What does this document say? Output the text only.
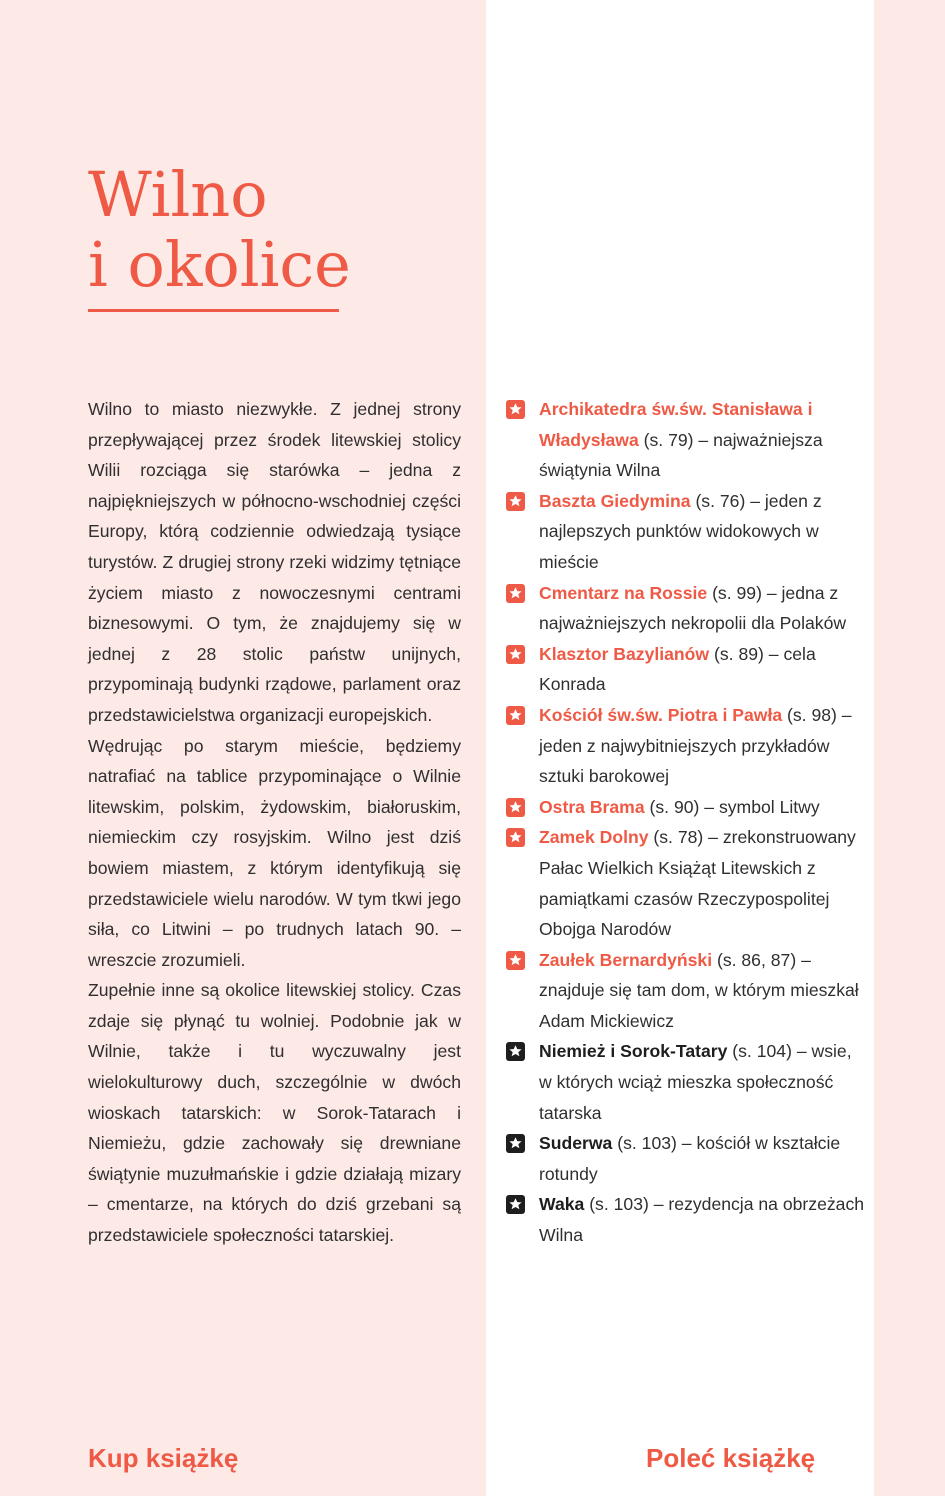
Wilno
i okolice

Wilno to miasto niezwykłe. Z jednej strony przepływającej przez środek litewskiej stolicy Wilii rozciąga się starówka – jedna z najpiękniejszych w północno-wschodniej części Europy, którą codziennie odwiedzają tysiące turystów. Z drugiej strony rzeki widzimy tętniące życiem miasto z nowoczesnymi centrami biznesowymi. O tym, że znajdujemy się w jednej z 28 stolic państw unijnych, przypominają budynki rządowe, parlament oraz przedstawicielstwa organizacji europejskich.

Wędrując po starym mieście, będziemy natrafiać na tablice przypominające o Wilnie litewskim, polskim, żydowskim, białoruskim, niemieckim czy rosyjskim. Wilno jest dziś bowiem miastem, z którym identyfikują się przedstawiciele wielu narodów. W tym tkwi jego siła, co Litwini – po trudnych latach 90. – wreszcie zrozumieli.

Zupełnie inne są okolice litewskiej stolicy. Czas zdaje się płynąć tu wolniej. Podobnie jak w Wilnie, także i tu wyczuwalny jest wielokulturowy duch, szczególnie w dwóch wioskach tatarskich: w Sorok-Tatarach i Niemieżu, gdzie zachowały się drewniane świątynie muzułmańskie i gdzie działają mizary – cmentarze, na których do dziś grzebani są przedstawiciele społeczności tatarskiej.

Archikatedra św.św. Stanisława i Władysława (s. 79) – najważniejsza świątynia Wilna
Baszta Giedymina (s. 76) – jeden z najlepszych punktów widokowych w mieście
Cmentarz na Rossie (s. 99) – jedna z najważniejszych nekropolii dla Polaków
Klasztor Bazylianów (s. 89) – cela Konrada
Kościół św.św. Piotra i Pawła (s. 98) – jeden z najwybitniejszych przykładów sztuki barokowej
Ostra Brama (s. 90) – symbol Litwy
Zamek Dolny (s. 78) – zrekonstruowany Pałac Wielkich Książąt Litewskich z pamiątkami czasów Rzeczypospolitej Obojga Narodów
Zaułek Bernardyński (s. 86, 87) – znajduje się tam dom, w którym mieszkał Adam Mickiewicz
Niemież i Sorok-Tatary (s. 104) – wsie, w których wciąż mieszka społeczność tatarska
Suderwa (s. 103) – kościół w kształcie rotundy
Waka (s. 103) – rezydencja na obrzeżach Wilna
Kup książkę	Poleć książkę
